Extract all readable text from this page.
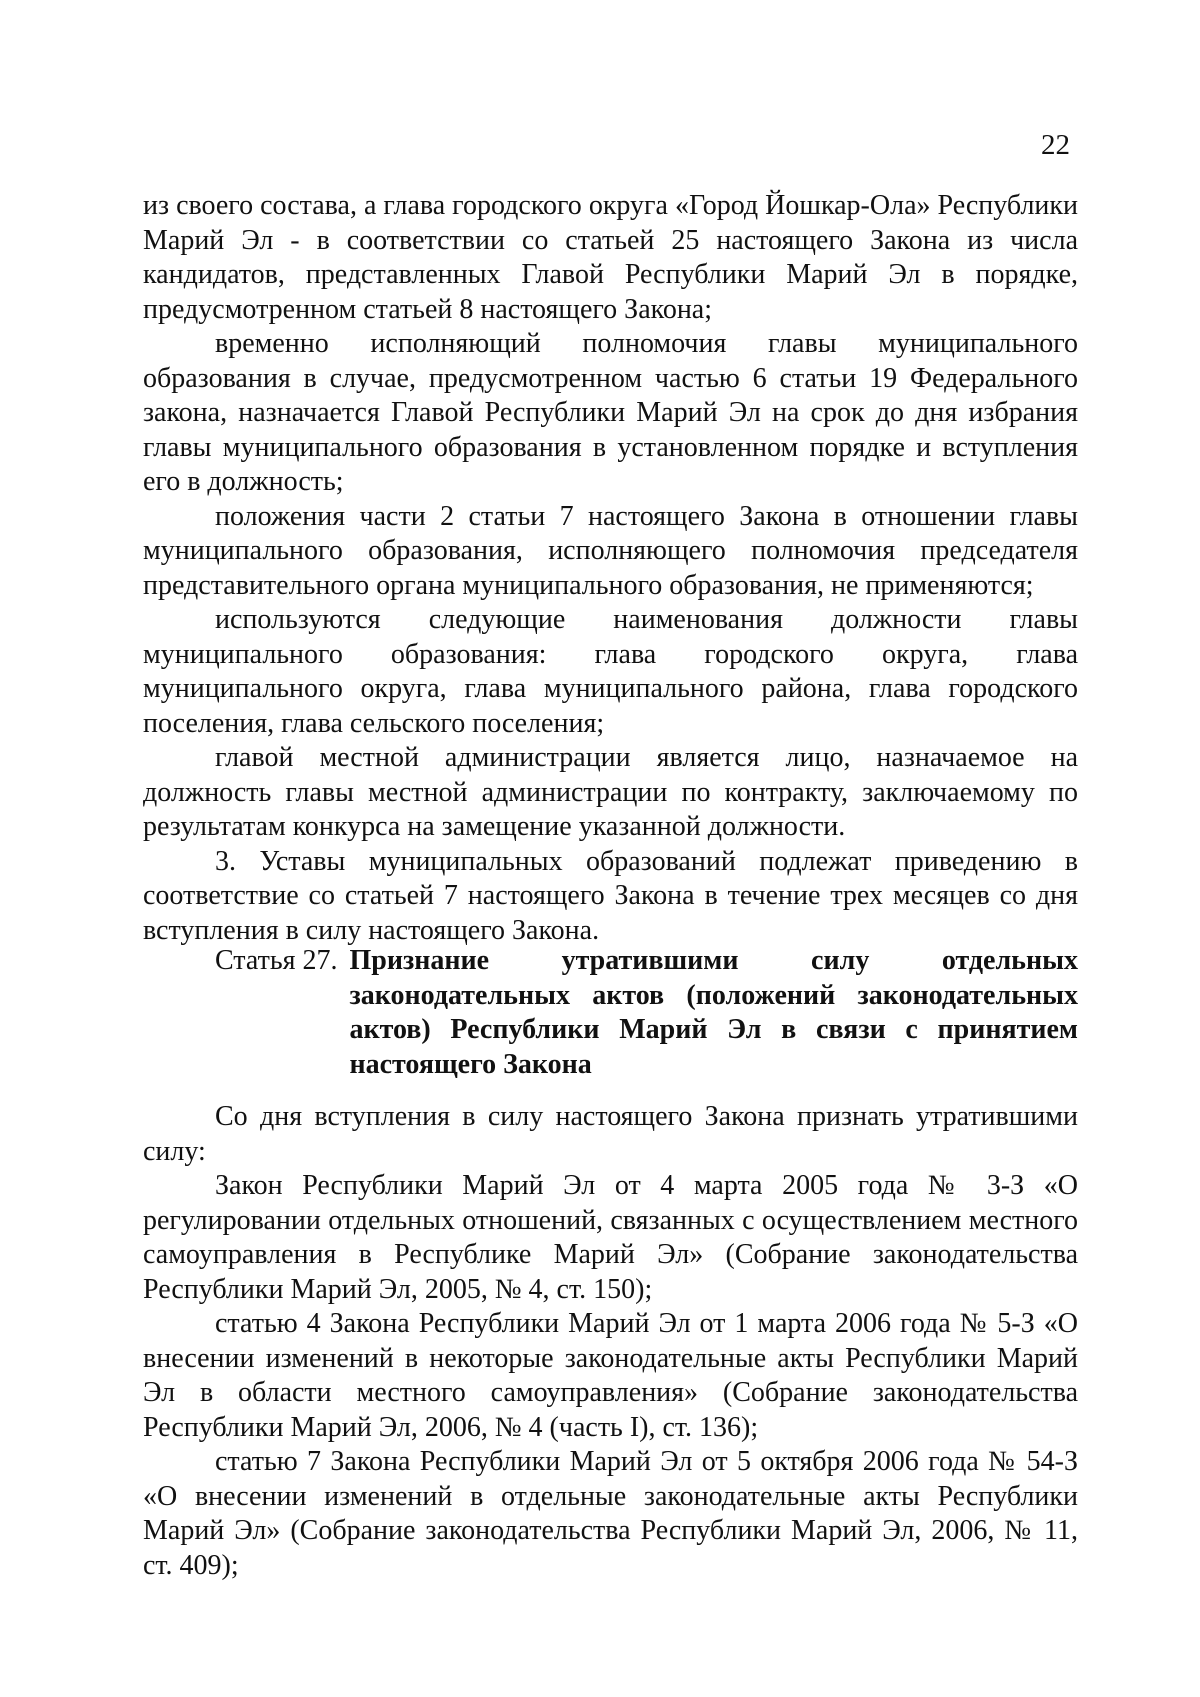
22

из своего состава, а глава городского округа «Город Йошкар-Ола» Республики Марий Эл - в соответствии со статьей 25 настоящего Закона из числа кандидатов, представленных Главой Республики Марий Эл в порядке, предусмотренном статьей 8 настоящего Закона;

временно исполняющий полномочия главы муниципального образования в случае, предусмотренном частью 6 статьи 19 Федерального закона, назначается Главой Республики Марий Эл на срок до дня избрания главы муниципального образования в установленном порядке и вступления его в должность;

положения части 2 статьи 7 настоящего Закона в отношении главы муниципального образования, исполняющего полномочия председателя представительного органа муниципального образования, не применяются;

используются следующие наименования должности главы муниципального образования: глава городского округа, глава муниципального округа, глава муниципального района, глава городского поселения, глава сельского поселения;

главой местной администрации является лицо, назначаемое на должность главы местной администрации по контракту, заключаемому по результатам конкурса на замещение указанной должности.

3. Уставы муниципальных образований подлежат приведению в соответствие со статьей 7 настоящего Закона в течение трех месяцев со дня вступления в силу настоящего Закона.

Статья 27. Признание утратившими силу отдельных законодательных актов (положений законодательных актов) Республики Марий Эл в связи с принятием настоящего Закона

Со дня вступления в силу настоящего Закона признать утратившими силу:

Закон Республики Марий Эл от 4 марта 2005 года № 3-З «О регулировании отдельных отношений, связанных с осуществлением местного самоуправления в Республике Марий Эл» (Собрание законодательства Республики Марий Эл, 2005, № 4, ст. 150);

статью 4 Закона Республики Марий Эл от 1 марта 2006 года № 5-З «О внесении изменений в некоторые законодательные акты Республики Марий Эл в области местного самоуправления» (Собрание законодательства Республики Марий Эл, 2006, № 4 (часть I), ст. 136);

статью 7 Закона Республики Марий Эл от 5 октября 2006 года № 54-З «О внесении изменений в отдельные законодательные акты Республики Марий Эл» (Собрание законодательства Республики Марий Эл, 2006, № 11, ст. 409);
